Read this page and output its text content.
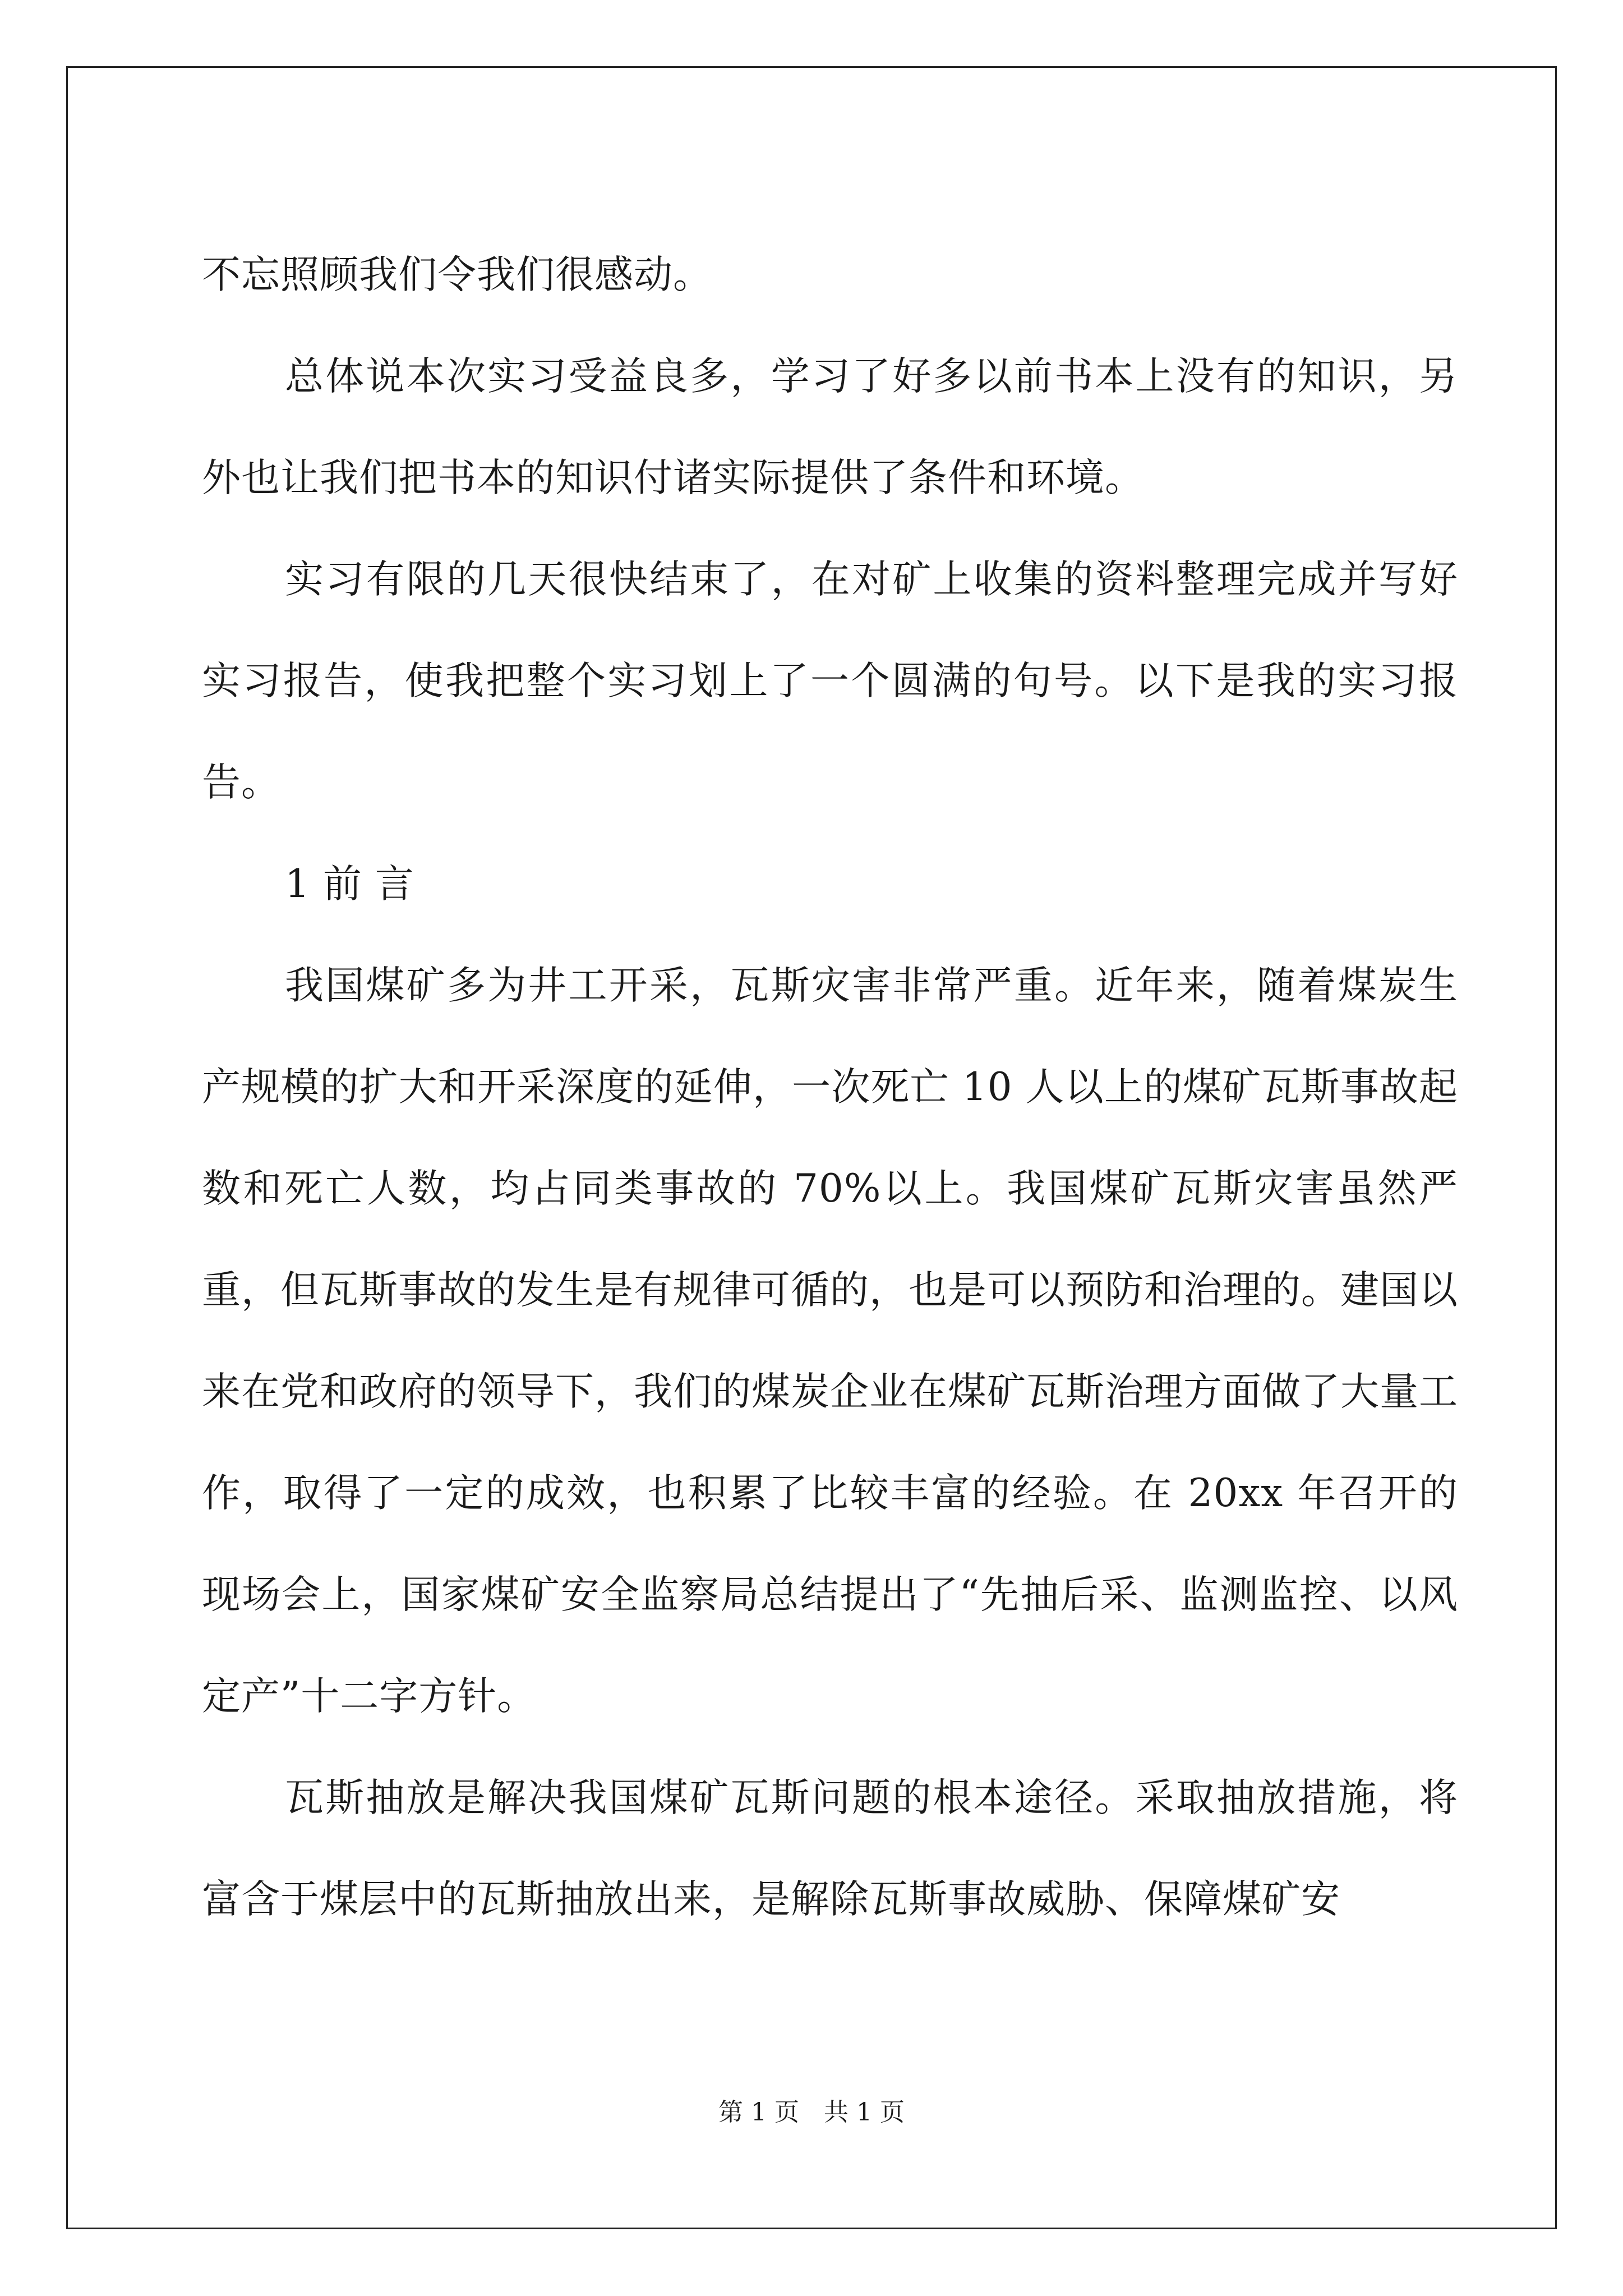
不忘照顾我们令我们很感动。

总体说本次实习受益良多，学习了好多以前书本上没有的知识，另外也让我们把书本的知识付诸实际提供了条件和环境。

实习有限的几天很快结束了，在对矿上收集的资料整理完成并写好实习报告，使我把整个实习划上了一个圆满的句号。以下是我的实习报告。

1 前 言

我国煤矿多为井工开采，瓦斯灾害非常严重。近年来，随着煤炭生产规模的扩大和开采深度的延伸，一次死亡 10 人以上的煤矿瓦斯事故起数和死亡人数，均占同类事故的 70%以上。我国煤矿瓦斯灾害虽然严重，但瓦斯事故的发生是有规律可循的，也是可以预防和治理的。建国以来在党和政府的领导下，我们的煤炭企业在煤矿瓦斯治理方面做了大量工作，取得了一定的成效，也积累了比较丰富的经验。在 20xx 年召开的现场会上，国家煤矿安全监察局总结提出了“先抽后采、监测监控、以风定产”十二字方针。

瓦斯抽放是解决我国煤矿瓦斯问题的根本途径。采取抽放措施，将富含于煤层中的瓦斯抽放出来，是解除瓦斯事故威胁、保障煤矿安

第 1 页 共 1 页
